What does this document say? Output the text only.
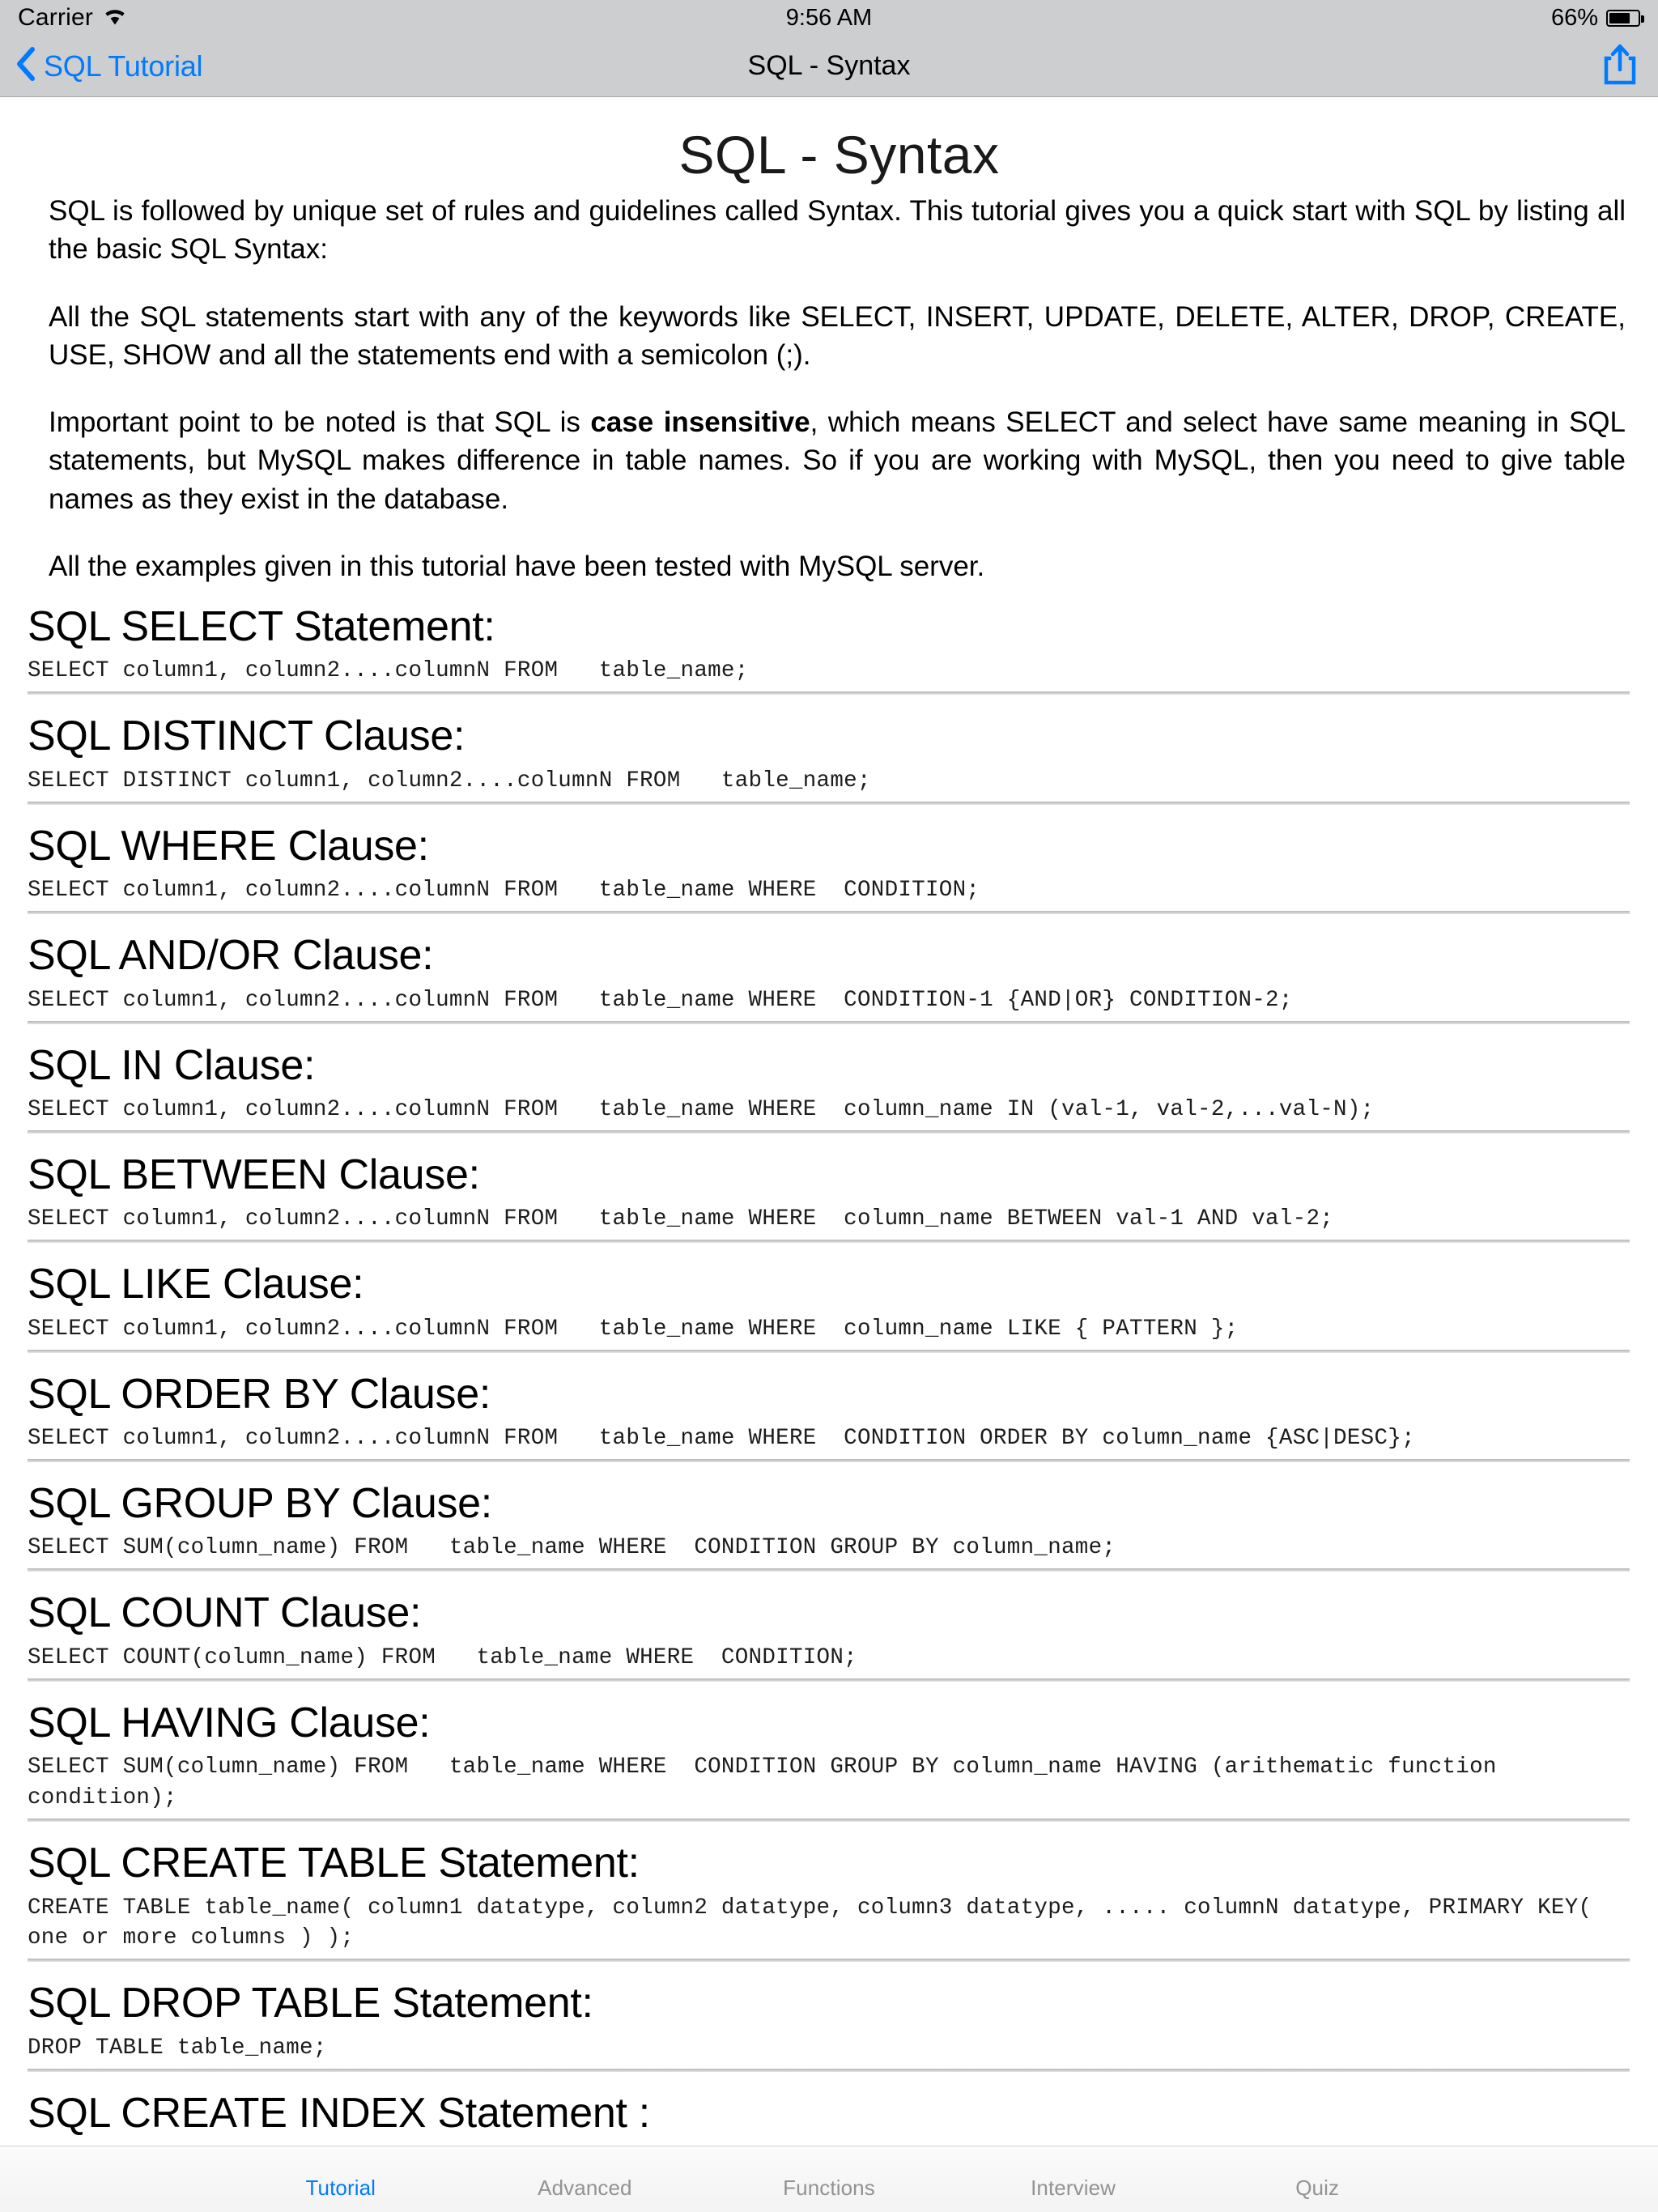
Carrier	9:56 AM	66%
SQL Tutorial	SQL - Syntax
SQL - Syntax

SQL is followed by unique set of rules and guidelines called Syntax. This tutorial gives you a quick start with SQL by listing all the basic SQL Syntax:

All the SQL statements start with any of the keywords like SELECT, INSERT, UPDATE, DELETE, ALTER, DROP, CREATE, USE, SHOW and all the statements end with a semicolon (;).

Important point to be noted is that SQL is case insensitive, which means SELECT and select have same meaning in SQL statements, but MySQL makes difference in table names. So if you are working with MySQL, then you need to give table names as they exist in the database.

All the examples given in this tutorial have been tested with MySQL server.

SQL SELECT Statement:
SELECT column1, column2....columnN FROM   table_name;
SQL DISTINCT Clause:
SELECT DISTINCT column1, column2....columnN FROM   table_name;
SQL WHERE Clause:
SELECT column1, column2....columnN FROM   table_name WHERE  CONDITION;
SQL AND/OR Clause:
SELECT column1, column2....columnN FROM   table_name WHERE  CONDITION-1 {AND|OR} CONDITION-2;
SQL IN Clause:
SELECT column1, column2....columnN FROM   table_name WHERE  column_name IN (val-1, val-2,...val-N);
SQL BETWEEN Clause:
SELECT column1, column2....columnN FROM   table_name WHERE  column_name BETWEEN val-1 AND val-2;
SQL LIKE Clause:
SELECT column1, column2....columnN FROM   table_name WHERE  column_name LIKE { PATTERN };
SQL ORDER BY Clause:
SELECT column1, column2....columnN FROM   table_name WHERE  CONDITION ORDER BY column_name {ASC|DESC};
SQL GROUP BY Clause:
SELECT SUM(column_name) FROM   table_name WHERE  CONDITION GROUP BY column_name;
SQL COUNT Clause:
SELECT COUNT(column_name) FROM   table_name WHERE  CONDITION;
SQL HAVING Clause:
SELECT SUM(column_name) FROM   table_name WHERE  CONDITION GROUP BY column_name HAVING (arithematic function condition);
SQL CREATE TABLE Statement:
CREATE TABLE table_name( column1 datatype, column2 datatype, column3 datatype, ..... columnN datatype, PRIMARY KEY( one or more columns ) );
SQL DROP TABLE Statement:
DROP TABLE table_name;
SQL CREATE INDEX Statement :
Tutorial	Advanced	Functions	Interview	Quiz
